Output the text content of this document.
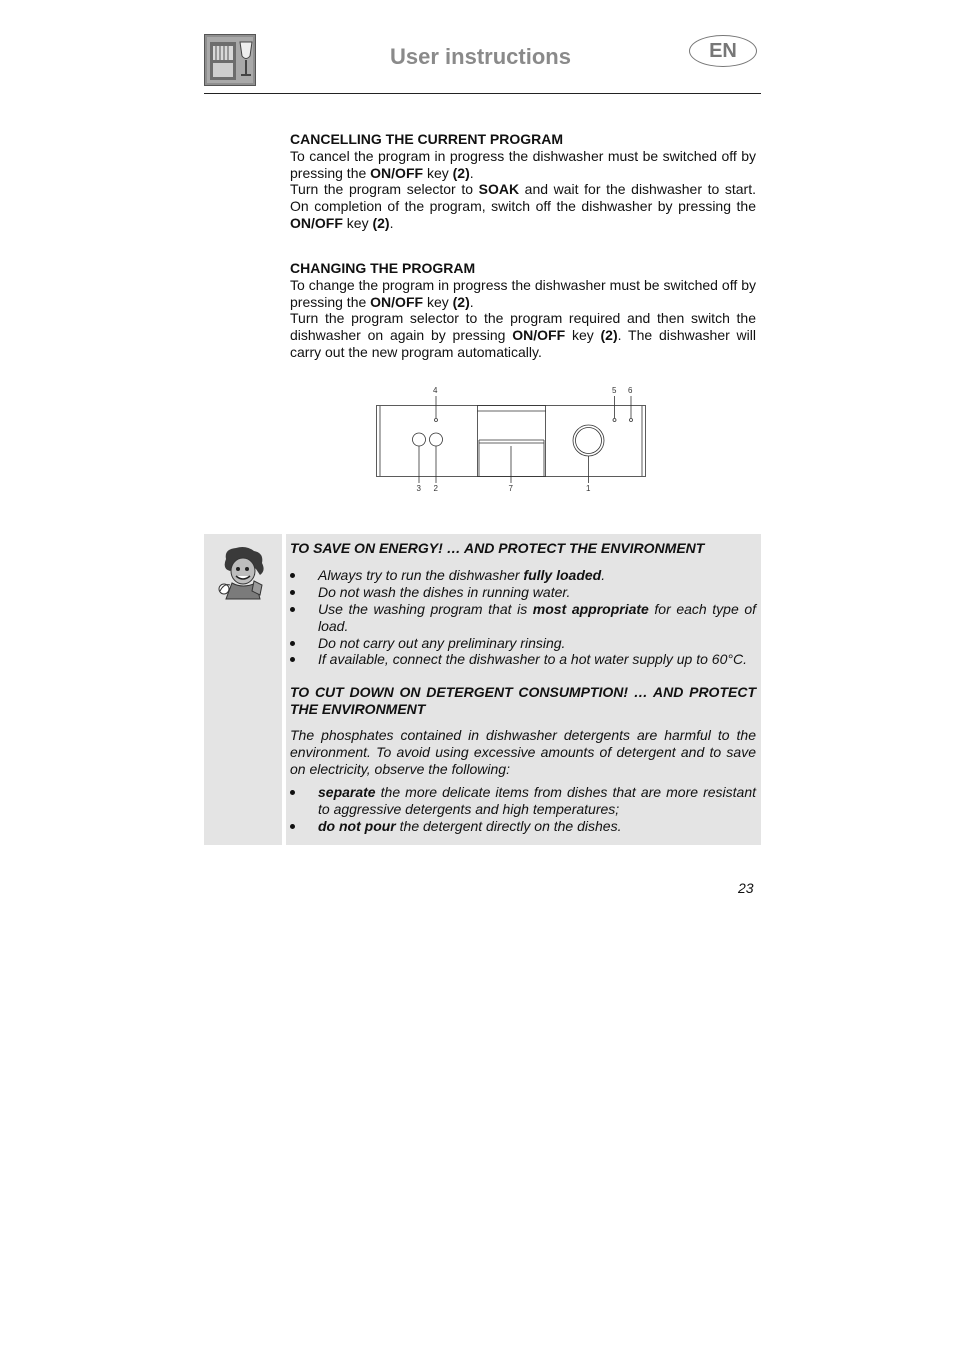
User instructions	EN
CANCELLING THE CURRENT PROGRAM

To cancel the program in progress the dishwasher must be switched off by pressing the ON/OFF key (2).

Turn the program selector to SOAK and wait for the dishwasher to start. On completion of the program, switch off the dishwasher by pressing the ON/OFF key (2).

CHANGING THE PROGRAM

To change the program in progress the dishwasher must be switched off by pressing the ON/OFF key (2).

Turn the program selector to the program required and then switch the dishwasher on again by pressing ON/OFF key (2). The dishwasher will carry out the new program automatically.

4	5 6
3 2	7	1
TO SAVE ON ENERGY! … AND PROTECT THE ENVIRONMENT
Always try to run the dishwasher fully loaded.
Do not wash the dishes in running water.
Use the washing program that is most appropriate for each type of load.
Do not carry out any preliminary rinsing.
If available, connect the dishwasher to a hot water supply up to 60°C.
TO CUT DOWN ON DETERGENT CONSUMPTION! … AND PROTECT THE ENVIRONMENT

The phosphates contained in dishwasher detergents are harmful to the environment. To avoid using excessive amounts of detergent and to save on electricity, observe the following:

separate the more delicate items from dishes that are more resistant to aggressive detergents and high temperatures;
do not pour the detergent directly on the dishes.
23
